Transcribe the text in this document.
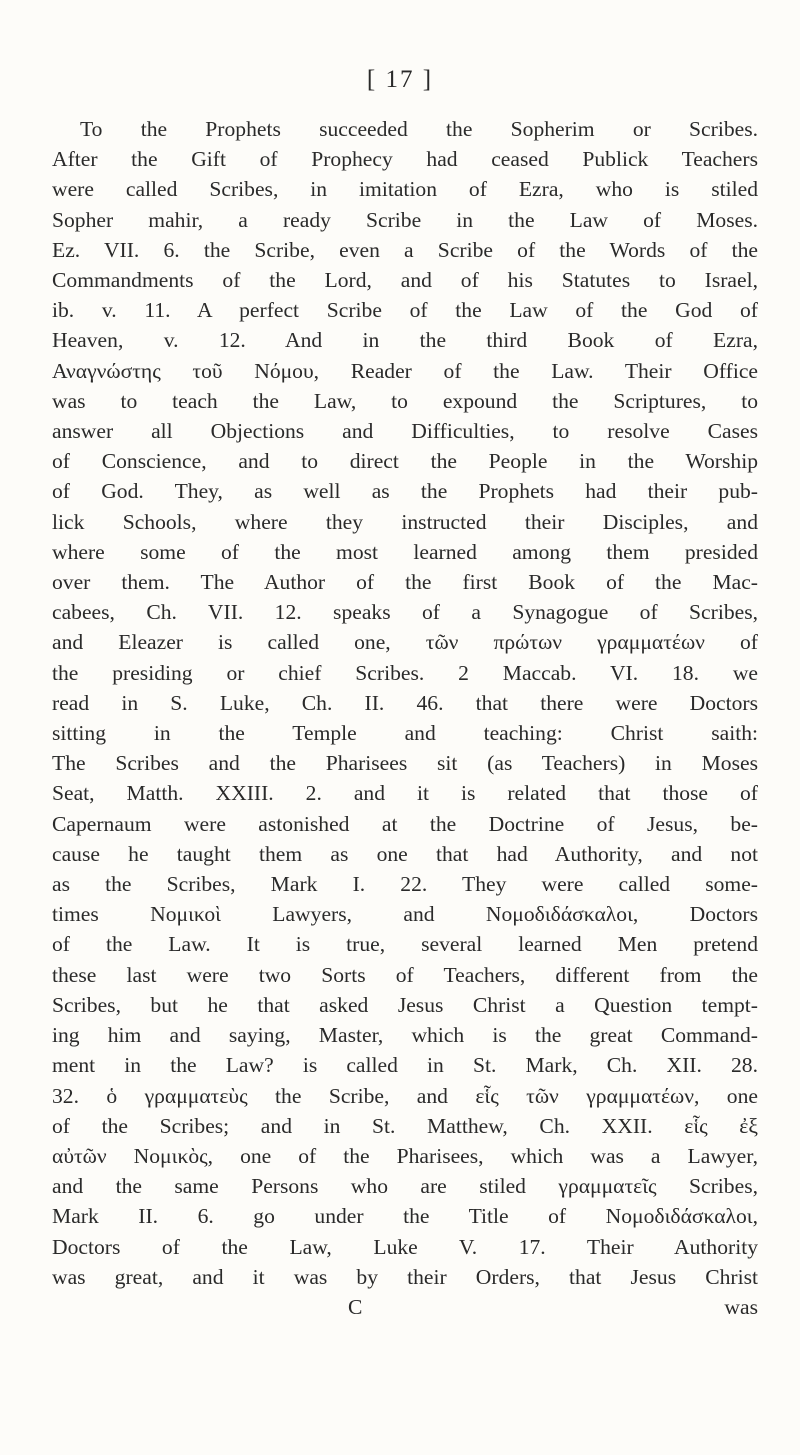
[ 17 ]
To the Prophets succeeded the Sopherim or Scribes.
After the Gift of Prophecy had ceased Publick Teachers
were called Scribes, in imitation of Ezra, who is stiled
Sopher mahir, a ready Scribe in the Law of Moses.
Ez. VII. 6. the Scribe, even a Scribe of the Words of the
Commandments of the Lord, and of his Statutes to Israel,
ib. v. 11. A perfect Scribe of the Law of the God of
Heaven, v. 12. And in the third Book of Ezra,
Αναγνώστης τοῦ Νόμου, Reader of the Law. Their Office
was to teach the Law, to expound the Scriptures, to
answer all Objections and Difficulties, to resolve Cases
of Conscience, and to direct the People in the Worship
of God. They, as well as the Prophets had their pub-
lick Schools, where they instructed their Disciples, and
where some of the most learned among them presided
over them. The Author of the first Book of the Mac-
cabees, Ch. VII. 12. speaks of a Synagogue of Scribes,
and Eleazer is called one, τῶν πρώτων γραμματέων of
the presiding or chief Scribes. 2 Maccab. VI. 18. we
read in S. Luke, Ch. II. 46. that there were Doctors
sitting in the Temple and teaching: Christ saith:
The Scribes and the Pharisees sit (as Teachers) in Moses
Seat, Matth. XXIII. 2. and it is related that those of
Capernaum were astonished at the Doctrine of Jesus, be-
cause he taught them as one that had Authority, and not
as the Scribes, Mark I. 22. They were called some-
times Νομικοὶ Lawyers, and Νομοδιδάσκαλοι, Doctors
of the Law. It is true, several learned Men pretend
these last were two Sorts of Teachers, different from the
Scribes, but he that asked Jesus Christ a Question tempt-
ing him and saying, Master, which is the great Command-
ment in the Law? is called in St. Mark, Ch. XII. 28.
32. ὁ γραμματεὺς the Scribe, and εἷς τῶν γραμματέων, one
of the Scribes; and in St. Matthew, Ch. XXII. εἷς ἐξ
αὐτῶν Νομικὸς, one of the Pharisees, which was a Lawyer,
and the same Persons who are stiled γραμματεῖς Scribes,
Mark II. 6. go under the Title of Νομοδιδάσκαλοι,
Doctors of the Law, Luke V. 17. Their Authority
was great, and it was by their Orders, that Jesus Christ

C	was
